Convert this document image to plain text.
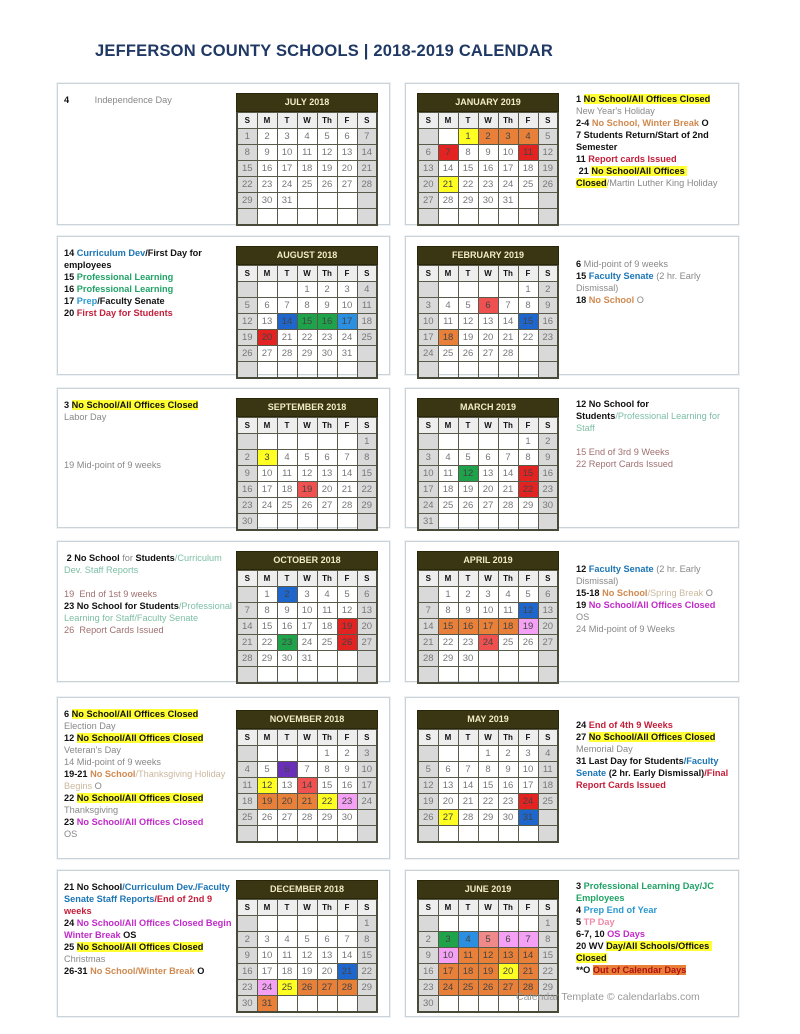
JEFFERSON COUNTY SCHOOLS | 2018-2019 CALENDAR
JULY 2018
S	M	T	W	Th	F	S
1	2	3	4	5	6	7
8	9	10	11	12	13	14
15	16	17	18	19	20	21
22	23	24	25	26	27	28
29	30	31				

4          Independence Day	JANUARY 2019
S	M	T	W	Th	F	S
		1	2	3	4	5
6	7	8	9	10	11	12
13	14	15	16	17	18	19
20	21	22	23	24	25	26
27	28	29	30	31		

1 No School/All Offices Closed
New Year's Holiday
2-4 No School, Winter Break O
7 Students Return/Start of 2nd Semester
11 Report cards Issued
21 No School/All Offices Closed/Martin Luther King Holiday
AUGUST 2018
S	M	T	W	Th	F	S
			1	2	3	4
5	6	7	8	9	10	11
12	13	14	15	16	17	18
19	20	21	22	23	24	25
26	27	28	29	30	31	

14 Curriculum Dev/First Day for employees
15 Professional Learning
16 Professional Learning
17 Prep/Faculty Senate
20 First Day for Students
FEBRUARY 2019
S	M	T	W	Th	F	S
					1	2
3	4	5	6	7	8	9
10	11	12	13	14	15	16
17	18	19	20	21	22	23
24	25	26	27	28		

6 Mid-point of 9 weeks
15 Faculty Senate (2 hr. Early Dismissal)
18 No School O
SEPTEMBER 2018
S	M	T	W	Th	F	S
						1
2	3	4	5	6	7	8
9	10	11	12	13	14	15
16	17	18	19	20	21	22
23	24	25	26	27	28	29
30						
3 No School/All Offices Closed
Labor Day
19 Mid-point of 9 weeks
MARCH 2019
S	M	T	W	Th	F	S
					1	2
3	4	5	6	7	8	9
10	11	12	13	14	15	16
17	18	19	20	21	22	23
24	25	26	27	28	29	30
31						
12 No School for Students/Professional Learning for Staff
15 End of 3rd 9 Weeks
22 Report Cards Issued
OCTOBER 2018
S	M	T	W	Th	F	S
	1	2	3	4	5	6
7	8	9	10	11	12	13
14	15	16	17	18	19	20
21	22	23	24	25	26	27
28	29	30	31			

2 No School for Students/Curriculum Dev. Staff Reports
19  End of 1st 9 weeks
23 No School for Students/Professional Learning for Staff/Faculty Senate
26  Report Cards Issued
APRIL 2019
S	M	T	W	Th	F	S
	1	2	3	4	5	6
7	8	9	10	11	12	13
14	15	16	17	18	19	20
21	22	23	24	25	26	27
28	29	30				

12 Faculty Senate (2 hr. Early Dismissal)
15-18 No School/Spring Break O
19 No School/All Offices Closed
OS
24 Mid-point of 9 Weeks
NOVEMBER 2018
S	M	T	W	Th	F	S
				1	2	3
4	5	6	7	8	9	10
11	12	13	14	15	16	17
18	19	20	21	22	23	24
25	26	27	28	29	30	

6 No School/All Offices Closed
Election Day
12 No School/All Offices Closed
Veteran's Day
14 Mid-point of 9 weeks
19-21 No School/Thanksgiving Holiday Begins O
22 No School/All Offices Closed
Thanksgiving
23 No School/All Offices Closed
OS
MAY 2019
S	M	T	W	Th	F	S
			1	2	3	4
5	6	7	8	9	10	11
12	13	14	15	16	17	18
19	20	21	22	23	24	25
26	27	28	29	30	31	

24 End of 4th 9 Weeks
27 No School/All Offices Closed
Memorial Day
31 Last Day for Students/Faculty Senate (2 hr. Early Dismissal)/Final Report Cards Issued
DECEMBER 2018
S	M	T	W	Th	F	S
						1
2	3	4	5	6	7	8
9	10	11	12	13	14	15
16	17	18	19	20	21	22
23	24	25	26	27	28	29
30	31					
21 No School/Curriculum Dev./Faculty Senate Staff Reports/End of 2nd 9 weeks
24 No School/All Offices Closed Begin Winter Break OS
25 No School/All Offices Closed
Christmas
26-31 No School/Winter Break O
JUNE 2019
S	M	T	W	Th	F	S
						1
2	3	4	5	6	7	8
9	10	11	12	13	14	15
16	17	18	19	20	21	22
23	24	25	26	27	28	29
30						
3 Professional Learning Day/JC Employees
4 Prep End of Year
5 TP Day
6-7, 10 OS Days
20 WV Day/All Schools/Offices Closed
**O Out of Calendar Days
Calendar Template © calendarlabs.com
